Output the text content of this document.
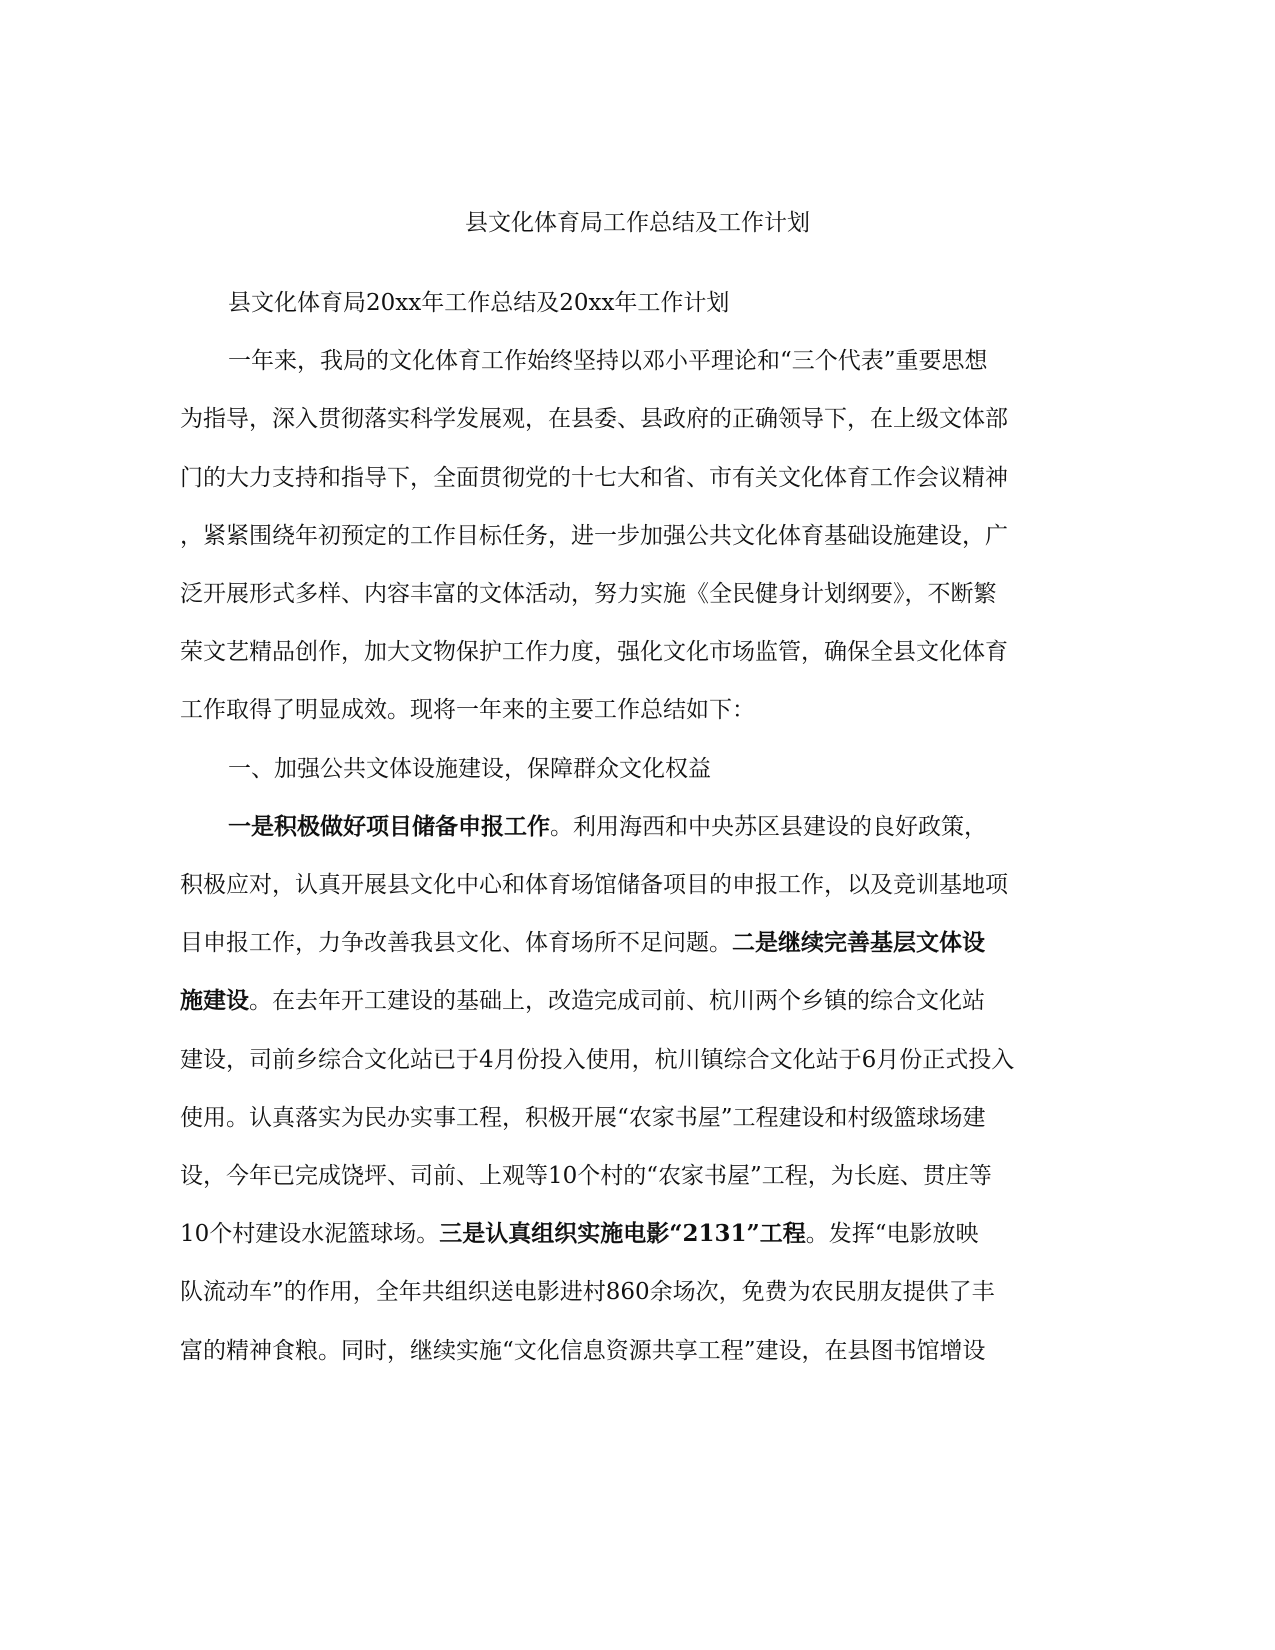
县文化体育局工作总结及工作计划

县文化体育局20xx年工作总结及20xx年工作计划

一年来，我局的文化体育工作始终坚持以邓小平理论和“三个代表”重要思想
为指导，深入贯彻落实科学发展观，在县委、县政府的正确领导下，在上级文体部
门的大力支持和指导下，全面贯彻党的十七大和省、市有关文化体育工作会议精神
，紧紧围绕年初预定的工作目标任务，进一步加强公共文化体育基础设施建设，广
泛开展形式多样、内容丰富的文体活动，努力实施《全民健身计划纲要》，不断繁
荣文艺精品创作，加大文物保护工作力度，强化文化市场监管，确保全县文化体育
工作取得了明显成效。现将一年来的主要工作总结如下：

一、加强公共文体设施建设，保障群众文化权益

一是积极做好项目储备申报工作。利用海西和中央苏区县建设的良好政策，
积极应对，认真开展县文化中心和体育场馆储备项目的申报工作，以及竞训基地项
目申报工作，力争改善我县文化、体育场所不足问题。二是继续完善基层文体设
施建设。在去年开工建设的基础上，改造完成司前、杭川两个乡镇的综合文化站
建设，司前乡综合文化站已于4月份投入使用，杭川镇综合文化站于6月份正式投入
使用。认真落实为民办实事工程，积极开展“农家书屋”工程建设和村级篮球场建
设，今年已完成饶坪、司前、上观等10个村的“农家书屋”工程，为长庭、贯庄等
10个村建设水泥篮球场。三是认真组织实施电影“2131”工程。发挥“电影放映
队流动车”的作用，全年共组织送电影进村860余场次，免费为农民朋友提供了丰
富的精神食粮。同时，继续实施“文化信息资源共享工程”建设，在县图书馆增设
